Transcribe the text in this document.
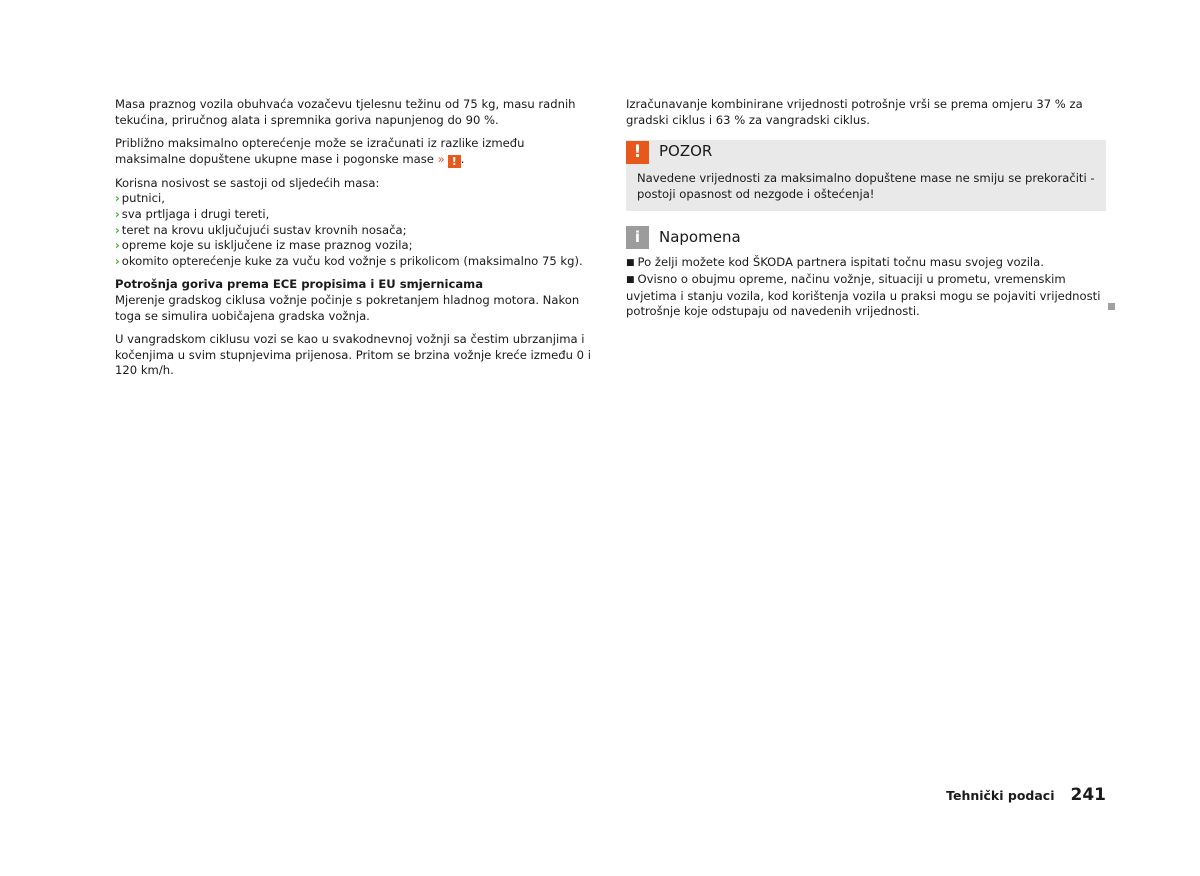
Masa praznog vozila obuhvaća vozačevu tjelesnu težinu od 75 kg, masu radnih tekućina, priručnog alata i spremnika goriva napunjenog do 90 %.

Približno maksimalno opterećenje može se izračunati iz razlike između maksimalne dopuštene ukupne mase i pogonske mase » ! .

Korisna nosivost se sastoji od sljedećih masa:
› putnici,
› sva prtljaga i drugi tereti,
› teret na krovu uključujući sustav krovnih nosača;
› opreme koje su isključene iz mase praznog vozila;
› okomito opterećenje kuke za vuču kod vožnje s prikolicom (maksimalno 75 kg).

Potrošnja goriva prema ECE propisima i EU smjernicama
Mjerenje gradskog ciklusa vožnje počinje s pokretanjem hladnog motora. Nakon toga se simulira uobičajena gradska vožnja.

U vangradskom ciklusu vozi se kao u svakodnevnoj vožnji sa čestim ubrzanjima i kočenjima u svim stupnjevima prijenosa. Pritom se brzina vožnje kreće između 0 i 120 km/h.

Izračunavanje kombinirane vrijednosti potrošnje vrši se prema omjeru 37 % za gradski ciklus i 63 % za vangradski ciklus.

!	POZOR
Navedene vrijednosti za maksimalno dopuštene mase ne smiju se prekoračiti - postoji opasnost od nezgode i oštećenja!
i	Napomena
■ Po želji možete kod ŠKODA partnera ispitati točnu masu svojeg vozila.
■ Ovisno o obujmu opreme, načinu vožnje, situaciji u prometu, vremenskim uvjetima i stanju vozila, kod korištenja vozila u praksi mogu se pojaviti vrijednosti potrošnje koje odstupaju od navedenih vrijednosti.
Tehnički podaci 241
